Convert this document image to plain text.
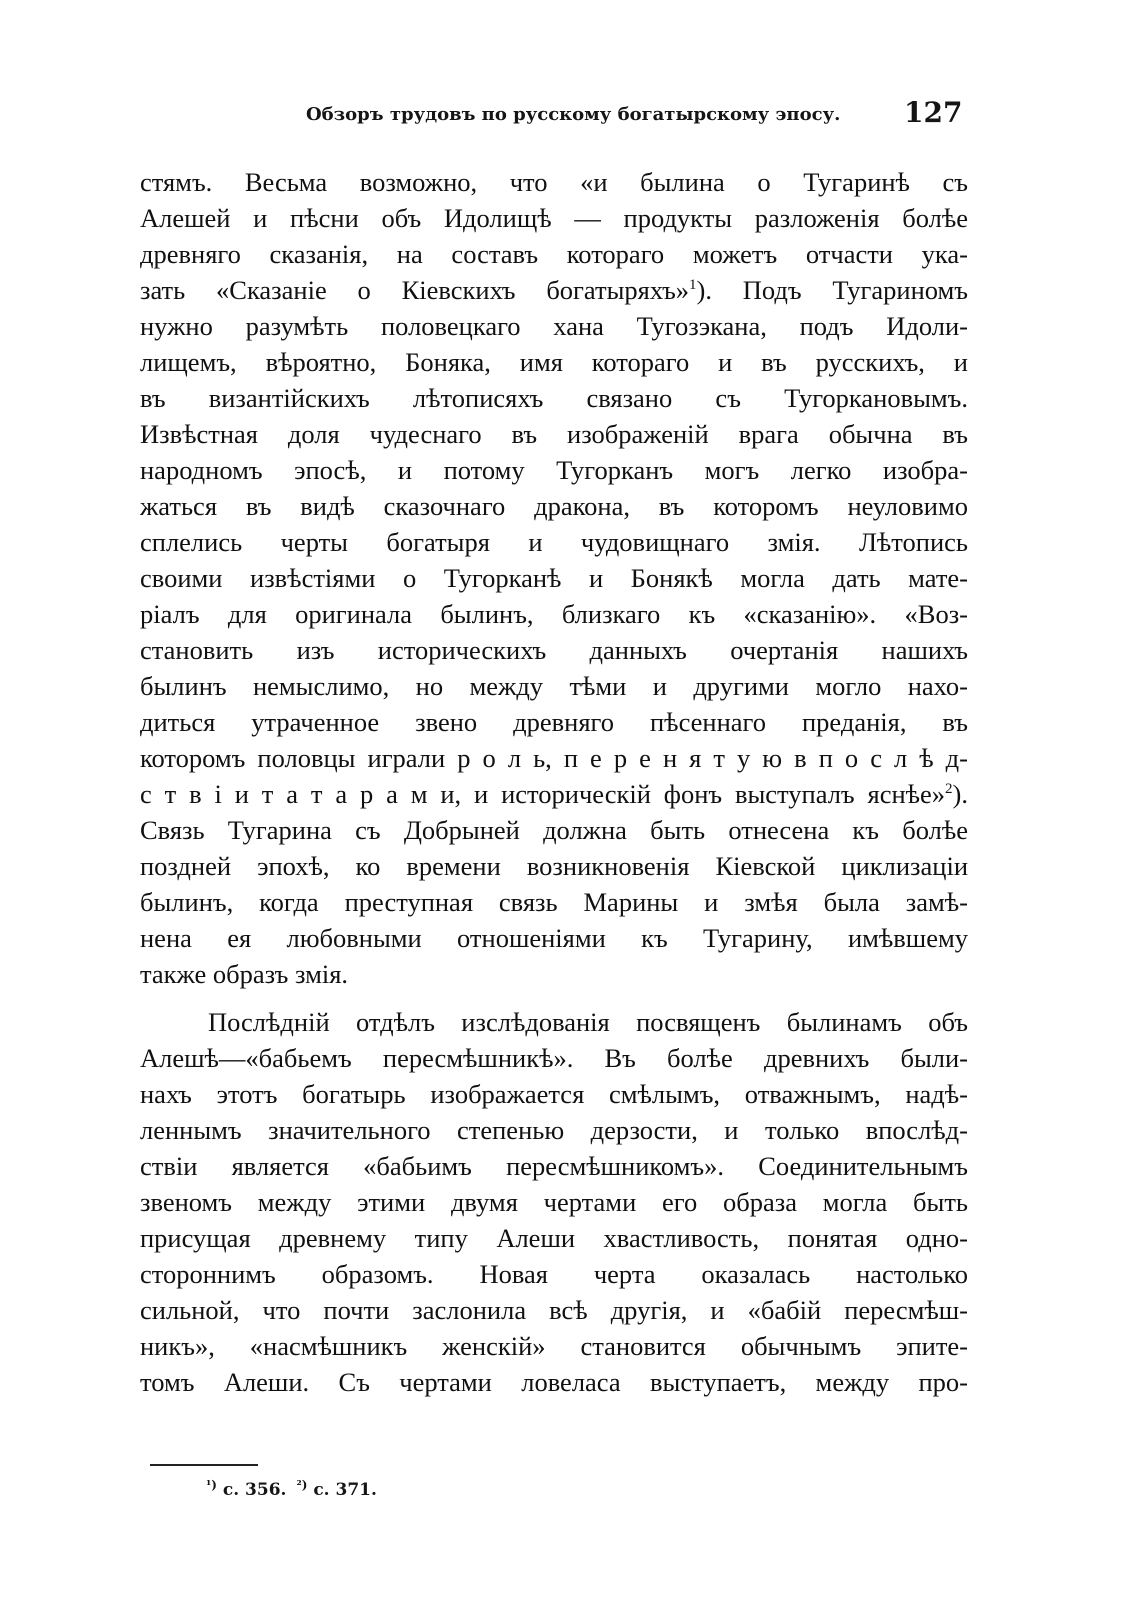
Обзоръ трудовъ по русскому богатырскому эпосу. 127
стямъ. Весьма возможно, что «и былина о Тугаринѣ съ
Алешей и пѣсни объ Идолищѣ — продукты разложенія болѣе
древняго сказанія, на составъ котораго можетъ отчасти ука-
зать «Сказаніе о Кіевскихъ богатыряхъ»$^1$). Подъ Тугариномъ
нужно разумѣть половецкаго хана Тугозэкана, подъ Идоли-
лищемъ, вѣроятно, Боняка, имя котораго и въ русскихъ, и
въ византійскихъ лѣтописяхъ связано съ Тугоркановымъ.
Извѣстная доля чудеснаго въ изображеній врага обычна въ
народномъ эпосѣ, и потому Тугорканъ могъ легко изобра-
жаться въ видѣ сказочнаго дракона, въ которомъ неуловимо
сплелись черты богатыря и чудовищнаго змія. Лѣтопись
своими извѣстіями о Тугорканѣ и Бонякѣ могла дать мате-
ріалъ для оригинала былинъ, близкаго къ «сказанію». «Воз-
становить изъ историческихъ данныхъ очертанія нашихъ
былинъ немыслимо, но между тѣми и другими могло нахо-
диться утраченное звено древняго пѣсеннаго преданія, въ
которомъ половцы играли р о л ь, п е р е н я т у ю в п о с л ѣ д-
с т в і и т а т а р а м и, и историческій фонъ выступалъ яснѣе»$^2$).
Связь Тугарина съ Добрыней должна быть отнесена къ болѣе
поздней эпохѣ, ко времени возникновенія Кіевской циклизаціи
былинъ, когда преступная связь Марины и змѣя была замѣ-
нена ея любовными отношеніями къ Тугарину, имѣвшему
также образъ змія.
Послѣдній отдѣлъ изслѣдованія посвященъ былинамъ объ
Алешѣ—«бабьемъ пересмѣшникѣ». Въ болѣе древнихъ были-
нахъ этотъ богатырь изображается смѣлымъ, отважнымъ, надѣ-
леннымъ значительного степенью дерзости, и только впослѣд-
ствіи является «бабьимъ пересмѣшникомъ». Соединительнымъ
звеномъ между этими двумя чертами его образа могла быть
присущая древнему типу Алеши хвастливость, понятая одно-
стороннимъ образомъ. Новая черта оказалась настолько
сильной, что почти заслонила всѣ другія, и «бабій пересмѣш-
никъ», «насмѣшникъ женскій» становится обычнымъ эпите-
томъ Алеши. Съ чертами ловеласа выступаетъ, между про-
$^{^1)}$ с. 356. $^{^2)}$ с. 371.
